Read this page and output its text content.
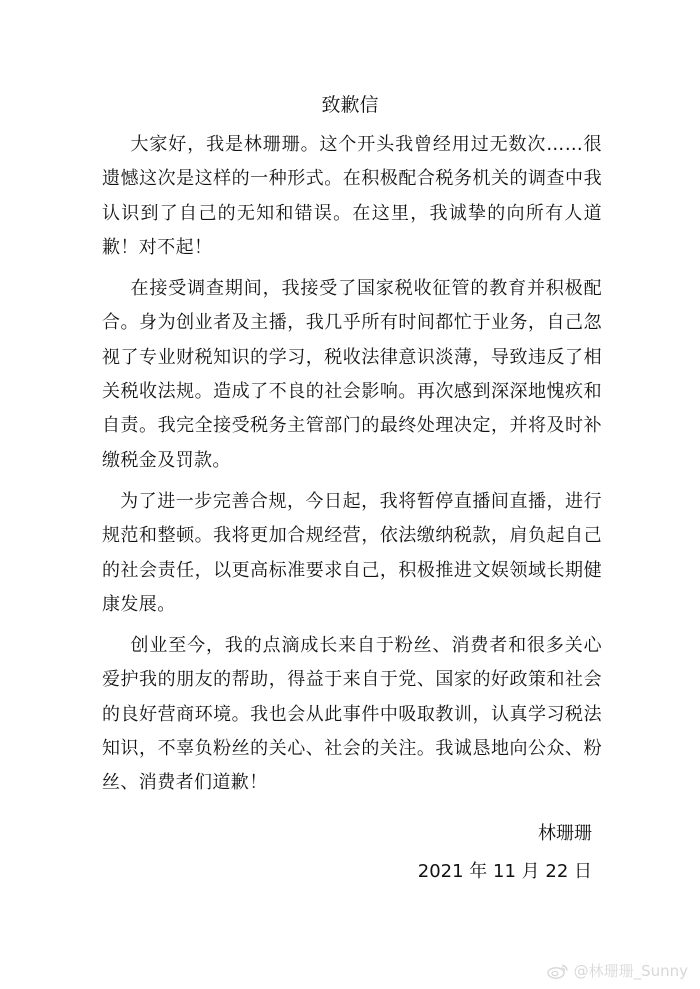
致歉信

大家好，我是林珊珊。这个开头我曾经用过无数次……很遗憾这次是这样的一种形式。在积极配合税务机关的调查中我认识到了自己的无知和错误。在这里，我诚挚的向所有人道歉！对不起！

在接受调查期间，我接受了国家税收征管的教育并积极配合。身为创业者及主播，我几乎所有时间都忙于业务，自己忽视了专业财税知识的学习，税收法律意识淡薄，导致违反了相关税收法规。造成了不良的社会影响。再次感到深深地愧疚和自责。我完全接受税务主管部门的最终处理决定，并将及时补缴税金及罚款。

为了进一步完善合规，今日起，我将暂停直播间直播，进行规范和整顿。我将更加合规经营，依法缴纳税款，肩负起自己的社会责任，以更高标准要求自己，积极推进文娱领域长期健康发展。

创业至今，我的点滴成长来自于粉丝、消费者和很多关心爱护我的朋友的帮助，得益于来自于党、国家的好政策和社会的良好营商环境。我也会从此事件中吸取教训，认真学习税法知识，不辜负粉丝的关心、社会的关注。我诚恳地向公众、粉丝、消费者们道歉！

林珊珊
2021 年 11 月 22 日
@林珊珊_Sunny
